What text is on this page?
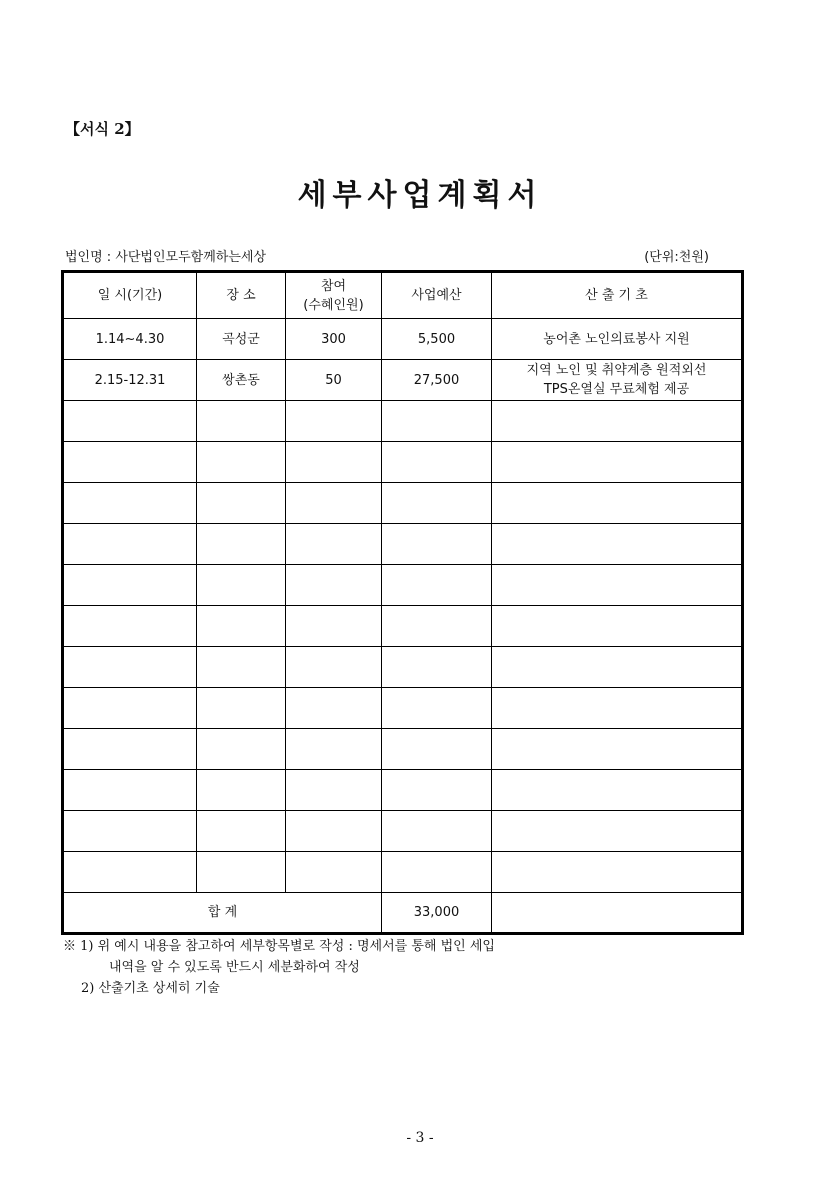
【서식 2】
세부사업계획서
법인명 : 사단법인모두함께하는세상	(단위:천원)
일 시(기간)	장 소	참여
(수혜인원)	사업예산	산 출 기 초
1.14~4.30	곡성군	300	5,500	농어촌 노인의료봉사 지원

2.15-12.31	쌍촌동	50	27,500	지역 노인 및 취약계층 원적외선
TPS온열실 무료체험 제공

합 계			33,000	
※ 1) 위 예시 내용을 참고하여 세부항목별로 작성 : 명세서를 통해 법인 세입
내역을 알 수 있도록 반드시 세분화하여 작성
2) 산출기초 상세히 기술
- 3 -
